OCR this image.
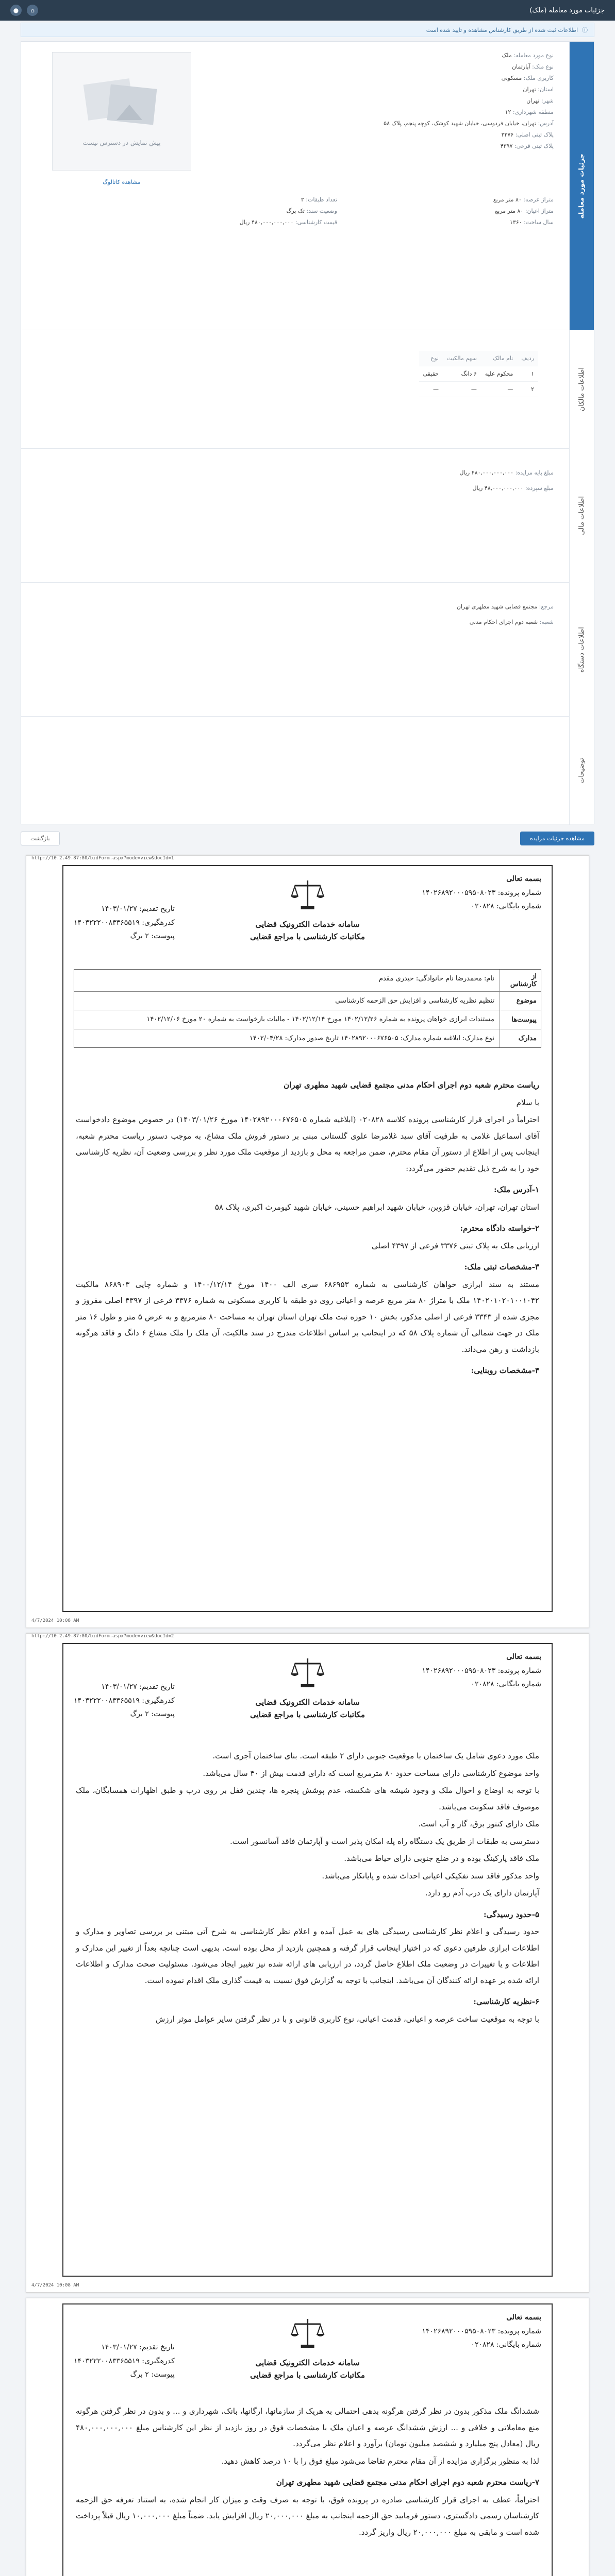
جزئیات مورد معامله (ملک)
⌂
●
ⓘ
اطلاعات ثبت شده از طریق کارشناس مشاهده و تایید شده است
جزئیات مورد معامله
اطلاعات مالکان
اطلاعات مالی
اطلاعات دستگاه
توضیحات
نوع مورد معامله: ملک
نوع ملک: آپارتمان
کاربری ملک: مسکونی
استان: تهران
شهر: تهران
منطقه شهرداری: ۱۲
آدرس: تهران، خیابان فردوسی، خیابان شهید کوشک، کوچه پنجم، پلاک ۵۸
پلاک ثبتی اصلی: ۳۳۷۶
پلاک ثبتی فرعی: ۴۳۹۷
پیش نمایش در دسترس نیست
مشاهده کاتالوگ
متراژ عرصه: ۸۰ متر مربع
متراژ اعیان: ۸۰ متر مربع
سال ساخت: ۱۳۶۰
تعداد طبقات: ۲
وضعیت سند: تک برگ
قیمت کارشناسی: ۴۸۰,۰۰۰,۰۰۰,۰۰۰ ریال
ردیف	نام مالک	سهم مالکیت	نوع
۱	محکوم علیه	۶ دانگ	حقیقی
۲	—	—	—
مبلغ پایه مزایده: ۴۸۰,۰۰۰,۰۰۰,۰۰۰ ریال
مبلغ سپرده: ۴۸,۰۰۰,۰۰۰,۰۰۰ ریال
مرجع: مجتمع قضایی شهید مطهری تهران
شعبه: شعبه دوم اجرای احکام مدنی
مشاهده جزئیات مزایده
بازگشت
http://10.2.49.87:80/bidForm.aspx?mode=view&docId=1
بسمه تعالی
شماره پرونده: ۱۴۰۲۶۸۹۲۰۰۰۵۹۵۰۸۰۲۳
شماره بایگانی: ۰۲۰۸۲۸
سامانه خدمات الکترونیک قضایی
مکاتبات کارشناسی با مراجع قضایی
تاریخ تقدیم: ۱۴۰۳/۰۱/۲۷
کدرهگیری: ۱۴۰۳۲۲۲۰۰۸۳۳۶۵۵۱۹
پیوست: ۲ برگ
از کارشناس
نام: محمدرضا نام خانوادگی: حیدری مقدم
موضوع
تنظیم نظریه کارشناسی و افزایش حق الزحمه کارشناسی
پیوست‌ها
مستندات ابرازی خواهان پرونده به شماره ۱۴۰۲/۱۲/۲۶ مورخ ۱۴۰۲/۱۲/۱۴ - مالیات بازخواست به شماره ۲۰ مورخ ۱۴۰۲/۱۲/۰۶
مدارک
نوع مدارک: ابلاغیه شماره مدارک: ۱۴۰۲۸۹۲۰۰۰۶۷۶۵۰۵ تاریخ صدور مدارک: ۱۴۰۲/۰۴/۲۸
ریاست محترم شعبه دوم اجرای احکام مدنی مجتمع قضایی شهید مطهری تهران

با سلام

احتراماً در اجرای قرار کارشناسی پرونده کلاسه ۰۲۰۸۲۸ (ابلاغیه شماره ۱۴۰۲۸۹۲۰۰۰۶۷۶۵۰۵ مورخ ۱۴۰۳/۰۱/۲۶) در خصوص موضوع دادخواست آقای اسماعیل غلامی به طرفیت آقای سید غلامرضا علوی گلستانی مبنی بر دستور فروش ملک مشاع، به موجب دستور ریاست محترم شعبه، اینجانب پس از اطلاع از دستور آن مقام محترم، ضمن مراجعه به محل و بازدید از موقعیت ملک مورد نظر و بررسی وضعیت آن، نظریه کارشناسی خود را به شرح ذیل تقدیم حضور می‌گردد:

۱-آدرس ملک:

استان تهران، تهران، خیابان قزوین، خیابان شهید ابراهیم حسینی، خیابان شهید کیومرث اکبری، پلاک ۵۸

۲-خواسته دادگاه محترم:

ارزیابی ملک به پلاک ثبتی ۳۳۷۶ فرعی از ۴۳۹۷ اصلی

۳-مشخصات ثبتی ملک:

مستند به سند ابرازی خواهان کارشناسی به شماره ۶۸۶۹۵۳ سری الف ۱۴۰۰ مورخ ۱۴۰۰/۱۲/۱۴ و شماره چاپی ۸۶۸۹۰۳ مالکیت ۱۴۰۲۰۱۰۲۰۱۰۰۱۰۴۲ ملک با متراژ ۸۰ متر مربع عرصه و اعیانی روی دو طبقه با کاربری مسکونی به شماره ۳۳۷۶ فرعی از ۴۳۹۷ اصلی مفروز و مجزی شده از ۳۳۴۳ فرعی از اصلی مذکور، بخش ۱۰ حوزه ثبت ملک تهران استان تهران به مساحت ۸۰ مترمربع و به عرض ۵ متر و طول ۱۶ متر ملک در جهت شمالی آن شماره پلاک ۵۸ که در اینجانب بر اساس اطلاعات مندرج در سند مالکیت، آن ملک را ملک مشاع ۶ دانگ و فاقد هرگونه بازداشت و رهن می‌داند.

۴-مشخصات روبنایی:
4/7/2024 10:08 AM
http://10.2.49.87:80/bidForm.aspx?mode=view&docId=2
بسمه تعالی
شماره پرونده: ۱۴۰۲۶۸۹۲۰۰۰۵۹۵۰۸۰۲۳
شماره بایگانی: ۰۲۰۸۲۸
سامانه خدمات الکترونیک قضایی
مکاتبات کارشناسی با مراجع قضایی
تاریخ تقدیم: ۱۴۰۳/۰۱/۲۷
کدرهگیری: ۱۴۰۳۲۲۲۰۰۸۳۳۶۵۵۱۹
پیوست: ۲ برگ

ملک مورد دعوی شامل یک ساختمان با موقعیت جنوبی دارای ۲ طبقه است. بنای ساختمان آجری است.

واحد موضوع کارشناسی دارای مساحت حدود ۸۰ مترمربع است که دارای قدمت بیش از ۴۰ سال می‌باشد.

با توجه به اوضاع و احوال ملک و وجود شیشه های شکسته، عدم پوشش پنجره ها، چندین قفل بر روی درب و طبق اظهارات همسایگان، ملک موصوف فاقد سکونت می‌باشد.

ملک دارای کنتور برق، گاز و آب است.

دسترسی به طبقات از طریق یک دستگاه راه پله امکان پذیر است و آپارتمان فاقد آسانسور است.

ملک فاقد پارکینگ بوده و در ضلع جنوبی دارای حیاط می‌باشد.

واحد مذکور فاقد سند تفکیکی اعیانی احداث شده و پایانکار می‌باشد.

آپارتمان دارای یک درب آدم رو دارد.

۵-حدود رسیدگی:

حدود رسیدگی و اعلام نظر کارشناسی رسیدگی های به عمل آمده و اعلام نظر کارشناسی به شرح آتی مبتنی بر بررسی تصاویر و مدارک و اطلاعات ابرازی طرفین دعوی که در اختیار اینجانب قرار گرفته و همچنین بازدید از محل بوده است. بدیهی است چنانچه بعداً از تغییر این مدارک و اطلاعات و یا تغییرات در وضعیت ملک اطلاع حاصل گردد، در ارزیابی های ارائه شده نیز تغییر ایجاد می‌شود. مسئولیت صحت مدارک و اطلاعات ارائه شده بر عهده ارائه کنندگان آن می‌باشد. اینجانب با توجه به گزارش فوق نسبت به قیمت گذاری ملک اقدام نموده است.

۶-نظریه کارشناسی:

با توجه به موقعیت ساخت عرصه و اعیانی، قدمت اعیانی، نوع کاربری قانونی و با در نظر گرفتن سایر عوامل موثر ارزش

4/7/2024 10:08 AM
بسمه تعالی
شماره پرونده: ۱۴۰۲۶۸۹۲۰۰۰۵۹۵۰۸۰۲۳
شماره بایگانی: ۰۲۰۸۲۸
سامانه خدمات الکترونیک قضایی
مکاتبات کارشناسی با مراجع قضایی
تاریخ تقدیم: ۱۴۰۳/۰۱/۲۷
کدرهگیری: ۱۴۰۳۲۲۲۰۰۸۳۳۶۵۵۱۹
پیوست: ۲ برگ

ششدانگ ملک مذکور بدون در نظر گرفتن هرگونه بدهی احتمالی به هریک از سازمانها، ارگانها، بانک، شهرداری و ... و بدون در نظر گرفتن هرگونه منع معاملاتی و خلافی و ... ارزش ششدانگ عرصه و اعیان ملک با مشخصات فوق در روز بازدید از نظر این کارشناس مبلغ ۴۸۰,۰۰۰,۰۰۰,۰۰۰ ریال (معادل پنج میلیارد و ششصد میلیون تومان) برآورد و اعلام نظر می‌گردد.

لذا به منظور برگزاری مزایده از آن مقام محترم تقاضا می‌شود مبلغ فوق را با ۱۰ درصد کاهش دهید.

۷-ریاست محترم شعبه دوم اجرای احکام مدنی مجتمع قضایی شهید مطهری تهران

احتراماً، عطف به اجرای قرار کارشناسی صادره در پرونده فوق، با توجه به صرف وقت و میزان کار انجام شده، به استناد تعرفه حق الزحمه کارشناسان رسمی دادگستری، دستور فرمایید حق الزحمه اینجانب به مبلغ ۲۰,۰۰۰,۰۰۰ ریال افزایش یابد. ضمناً مبلغ ۱۰,۰۰۰,۰۰۰ ریال قبلاً پرداخت شده است و مابقی به مبلغ ۲۰,۰۰۰,۰۰۰ ریال واریز گردد.
